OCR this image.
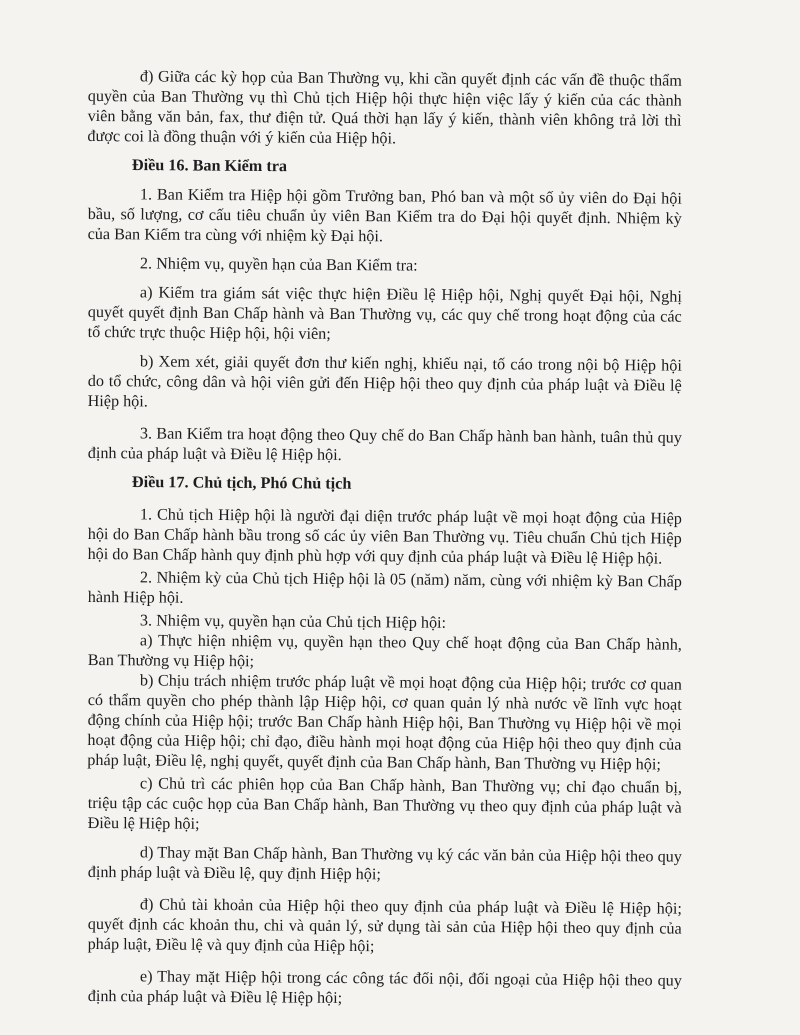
đ) Giữa các kỳ họp của Ban Thường vụ, khi cần quyết định các vấn đề thuộc thẩm quyền của Ban Thường vụ thì Chủ tịch Hiệp hội thực hiện việc lấy ý kiến của các thành viên bằng văn bản, fax, thư điện tử. Quá thời hạn lấy ý kiến, thành viên không trả lời thì được coi là đồng thuận với ý kiến của Hiệp hội.

Điều 16. Ban Kiểm tra

1. Ban Kiểm tra Hiệp hội gồm Trưởng ban, Phó ban và một số ủy viên do Đại hội bầu, số lượng, cơ cấu tiêu chuẩn ủy viên Ban Kiểm tra do Đại hội quyết định. Nhiệm kỳ của Ban Kiểm tra cùng với nhiệm kỳ Đại hội.

2. Nhiệm vụ, quyền hạn của Ban Kiểm tra:

a) Kiểm tra giám sát việc thực hiện Điều lệ Hiệp hội, Nghị quyết Đại hội, Nghị quyết quyết định Ban Chấp hành và Ban Thường vụ, các quy chế trong hoạt động của các tổ chức trực thuộc Hiệp hội, hội viên;

b) Xem xét, giải quyết đơn thư kiến nghị, khiếu nại, tố cáo trong nội bộ Hiệp hội do tổ chức, công dân và hội viên gửi đến Hiệp hội theo quy định của pháp luật và Điều lệ Hiệp hội.

3. Ban Kiểm tra hoạt động theo Quy chế do Ban Chấp hành ban hành, tuân thủ quy định của pháp luật và Điều lệ Hiệp hội.

Điều 17. Chủ tịch, Phó Chủ tịch

1. Chủ tịch Hiệp hội là người đại diện trước pháp luật về mọi hoạt động của Hiệp hội do Ban Chấp hành bầu trong số các ủy viên Ban Thường vụ. Tiêu chuẩn Chủ tịch Hiệp hội do Ban Chấp hành quy định phù hợp với quy định của pháp luật và Điều lệ Hiệp hội.

2. Nhiệm kỳ của Chủ tịch Hiệp hội là 05 (năm) năm, cùng với nhiệm kỳ Ban Chấp hành Hiệp hội.

3. Nhiệm vụ, quyền hạn của Chủ tịch Hiệp hội:

a) Thực hiện nhiệm vụ, quyền hạn theo Quy chế hoạt động của Ban Chấp hành, Ban Thường vụ Hiệp hội;

b) Chịu trách nhiệm trước pháp luật về mọi hoạt động của Hiệp hội; trước cơ quan có thẩm quyền cho phép thành lập Hiệp hội, cơ quan quản lý nhà nước về lĩnh vực hoạt động chính của Hiệp hội; trước Ban Chấp hành Hiệp hội, Ban Thường vụ Hiệp hội về mọi hoạt động của Hiệp hội; chỉ đạo, điều hành mọi hoạt động của Hiệp hội theo quy định của pháp luật, Điều lệ, nghị quyết, quyết định của Ban Chấp hành, Ban Thường vụ Hiệp hội;

c) Chủ trì các phiên họp của Ban Chấp hành, Ban Thường vụ; chỉ đạo chuẩn bị, triệu tập các cuộc họp của Ban Chấp hành, Ban Thường vụ theo quy định của pháp luật và Điều lệ Hiệp hội;

d) Thay mặt Ban Chấp hành, Ban Thường vụ ký các văn bản của Hiệp hội theo quy định pháp luật và Điều lệ, quy định Hiệp hội;

đ) Chủ tài khoản của Hiệp hội theo quy định của pháp luật và Điều lệ Hiệp hội; quyết định các khoản thu, chi và quản lý, sử dụng tài sản của Hiệp hội theo quy định của pháp luật, Điều lệ và quy định của Hiệp hội;

e) Thay mặt Hiệp hội trong các công tác đối nội, đối ngoại của Hiệp hội theo quy định của pháp luật và Điều lệ Hiệp hội;
